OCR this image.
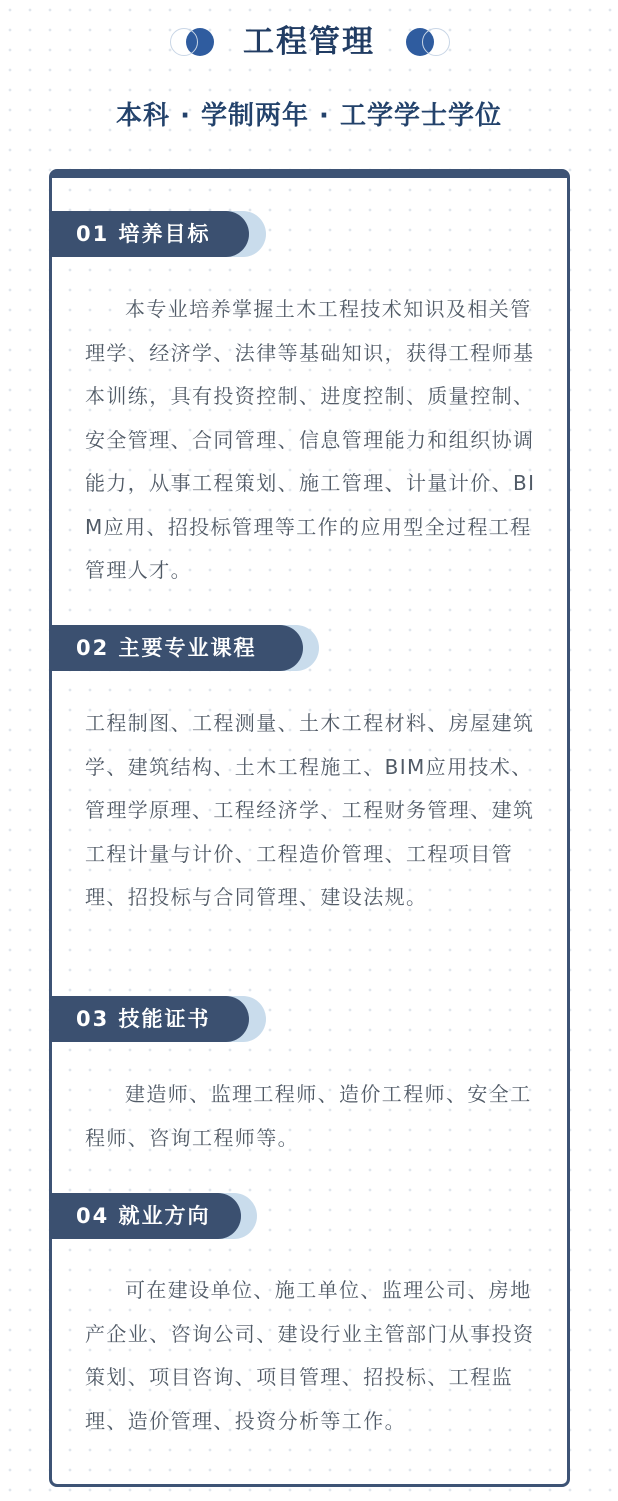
工程管理
本科 · 学制两年 · 工学学士学位
01 培养目标

本专业培养掌握土木工程技术知识及相关管理学、经济学、法律等基础知识，获得工程师基本训练，具有投资控制、进度控制、质量控制、安全管理、合同管理、信息管理能力和组织协调能力，从事工程策划、施工管理、计量计价、BIM应用、招投标管理等工作的应用型全过程工程管理人才。

02 主要专业课程

工程制图、工程测量、土木工程材料、房屋建筑学、建筑结构、土木工程施工、BIM应用技术、管理学原理、工程经济学、工程财务管理、建筑工程计量与计价、工程造价管理、工程项目管理、招投标与合同管理、建设法规。

03 技能证书

建造师、监理工程师、造价工程师、安全工程师、咨询工程师等。

04 就业方向

可在建设单位、施工单位、监理公司、房地产企业、咨询公司、建设行业主管部门从事投资策划、项目咨询、项目管理、招投标、工程监理、造价管理、投资分析等工作。
